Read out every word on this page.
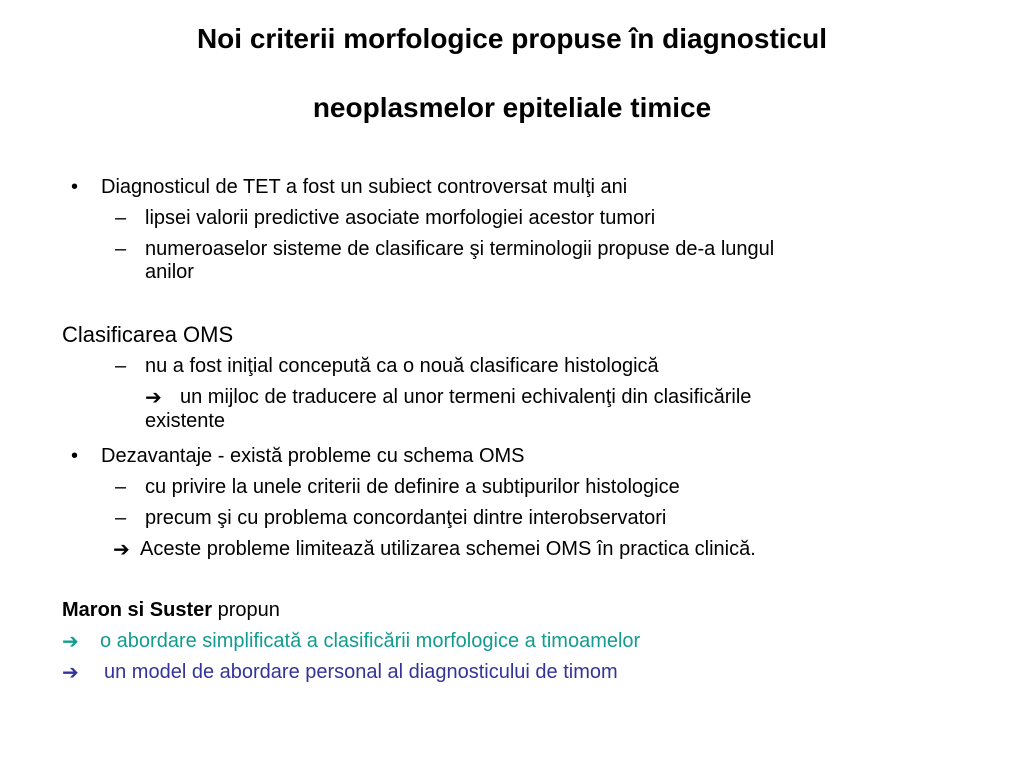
Noi criterii morfologice propuse în diagnosticul
neoplasmelor epiteliale timice
• Diagnosticul de TET a fost un subiect controversat mulţi ani
– lipsei valorii predictive asociate morfologiei acestor tumori
– numeroaselor sisteme de clasificare şi terminologii propuse de-a lungul
anilor
Clasificarea OMS
– nu a fost iniţial concepută ca o nouă clasificare histologică
➔ un mijloc de traducere al unor termeni echivalenţi din clasificările
existente
• Dezavantaje - există probleme cu schema OMS
– cu privire la unele criterii de definire a subtipurilor histologice
– precum şi cu problema concordanţei dintre interobservatori
➔ Aceste probleme limitează utilizarea schemei OMS în practica clinică.
Maron si Suster propun
➔ o abordare simplificată a clasificării morfologice a timoamelor
➔ un model de abordare personal al diagnosticului de timom
